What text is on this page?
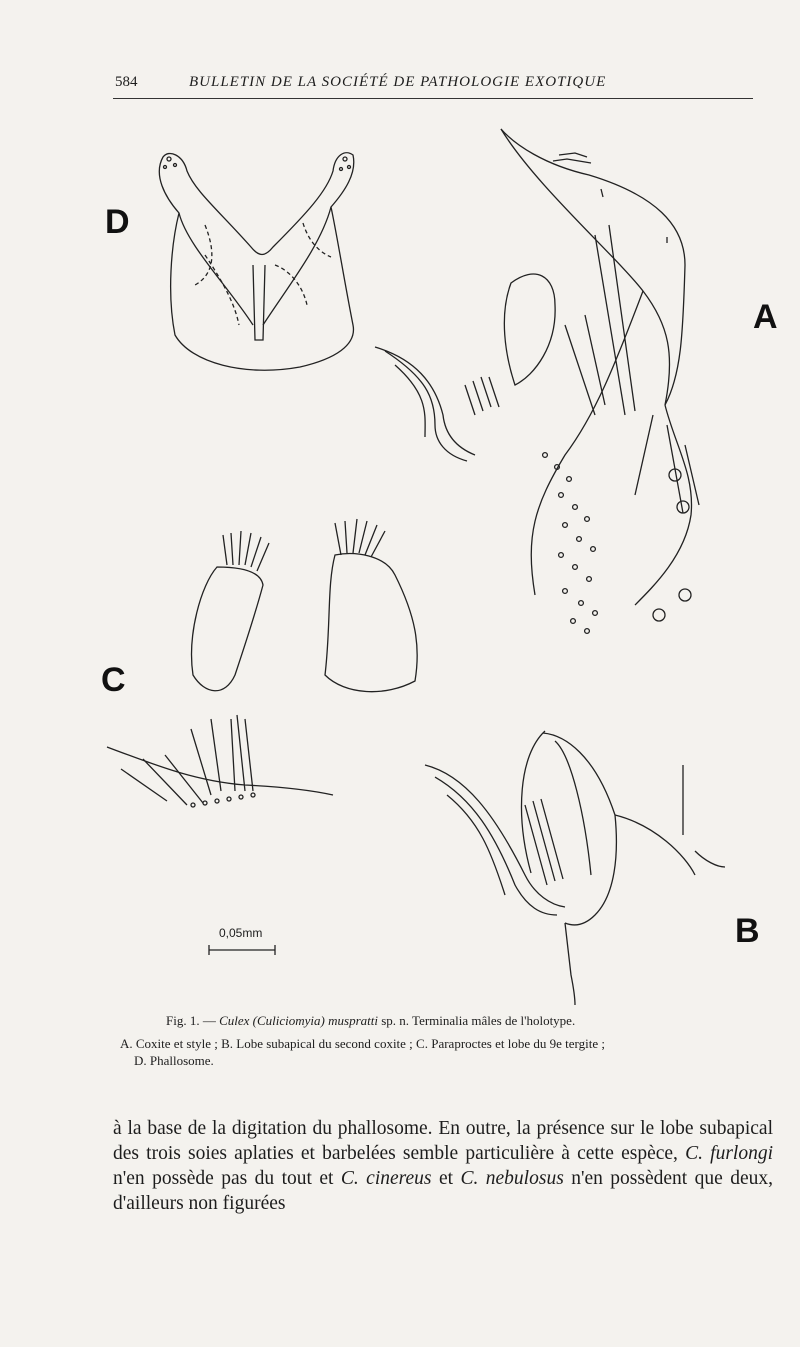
584	BULLETIN DE LA SOCIÉTÉ DE PATHOLOGIE EXOTIQUE
D
A
C
B
0,05mm
Fig. 1. — Culex (Culiciomyia) muspratti sp. n. Terminalia mâles de l'holotype.
A. Coxite et style ; B. Lobe subapical du second coxite ; C. Paraproctes et lobe du 9e tergite ;
D. Phallosome.

à la base de la digitation du phallosome. En outre, la présence sur le lobe subapical des trois soies aplaties et barbelées semble particulière à cette espèce, C. furlongi n'en possède pas du tout et C. cinereus et C. nebulosus n'en possèdent que deux, d'ailleurs non figurées
